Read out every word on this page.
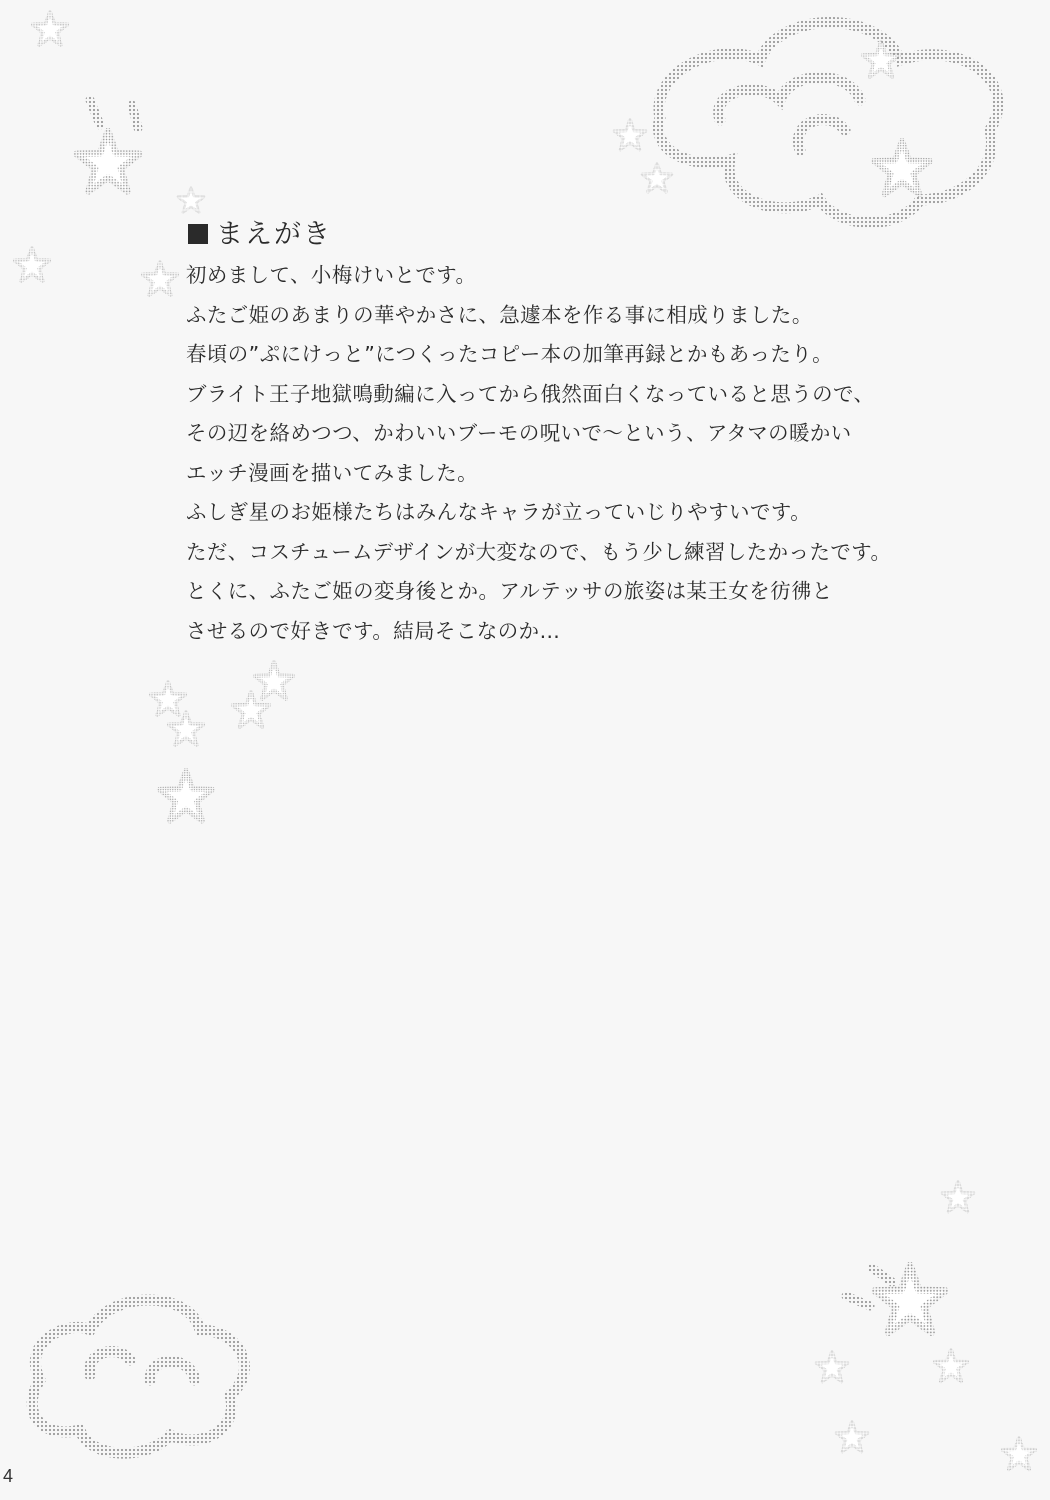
まえがき
初めまして、小梅けいとです。
ふたご姫のあまりの華やかさに、急遽本を作る事に相成りました。
春頃の”ぷにけっと”につくったコピー本の加筆再録とかもあったり。
ブライト王子地獄鳴動編に入ってから俄然面白くなっていると思うので、
その辺を絡めつつ、かわいいブーモの呪いで〜という、アタマの暖かい
エッチ漫画を描いてみました。
ふしぎ星のお姫様たちはみんなキャラが立っていじりやすいです。
ただ、コスチュームデザインが大変なので、もう少し練習したかったです。
とくに、ふたご姫の変身後とか。アルテッサの旅姿は某王女を彷彿と
させるので好きです。結局そこなのか…
4
